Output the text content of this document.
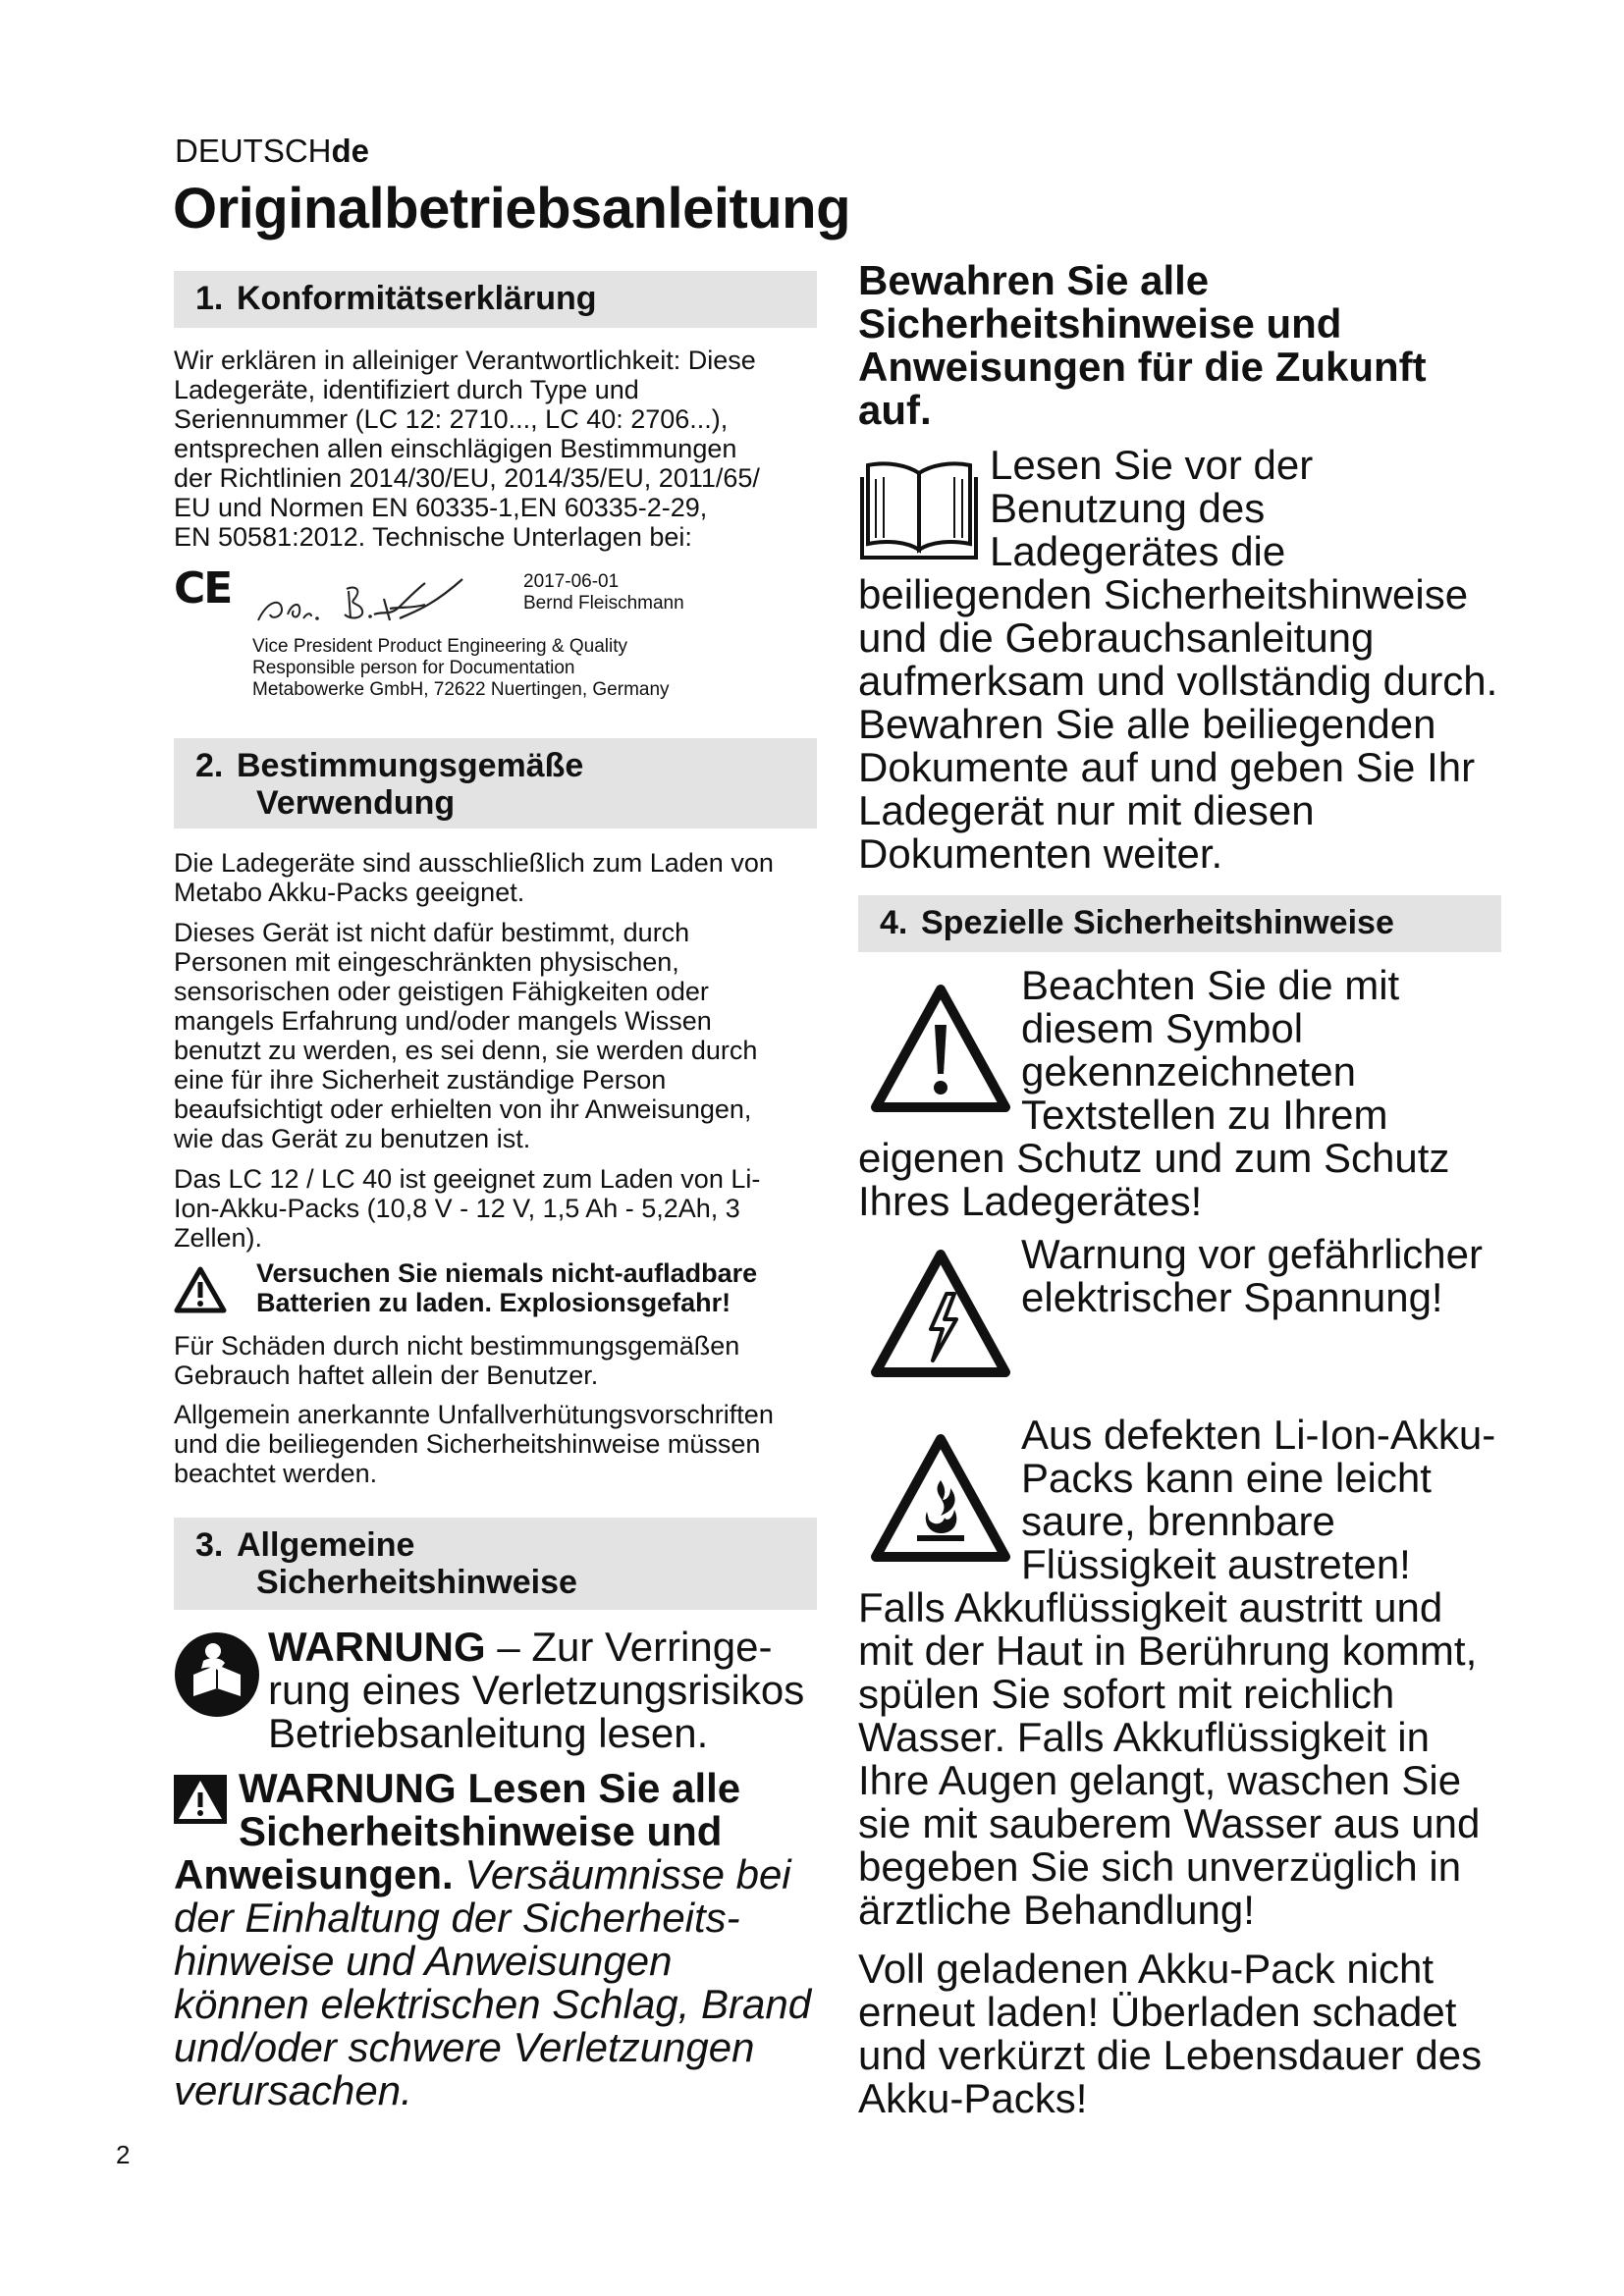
DEUTSCHde
Originalbetriebsanleitung
1. Konformitätserklärung
Wir erklären in alleiniger Verantwortlichkeit: Diese
Ladegeräte, identifiziert durch Type und
Seriennummer (LC 12: 2710..., LC 40: 2706...),
entsprechen allen einschlägigen Bestimmungen
der Richtlinien 2014/30/EU, 2014/35/EU, 2011/65/
EU und Normen EN 60335-1,EN 60335-2-29,
EN 50581:2012. Technische Unterlagen bei:
CE	2017-06-01
Bernd Fleischmann
Vice President Product Engineering & Quality
Responsible person for Documentation
Metabowerke GmbH, 72622 Nuertingen, Germany
2. Bestimmungsgemäße
Verwendung
Die Ladegeräte sind ausschließlich zum Laden von
Metabo Akku-Packs geeignet.
Dieses Gerät ist nicht dafür bestimmt, durch
Personen mit eingeschränkten physischen,
sensorischen oder geistigen Fähigkeiten oder
mangels Erfahrung und/oder mangels Wissen
benutzt zu werden, es sei denn, sie werden durch
eine für ihre Sicherheit zuständige Person
beaufsichtigt oder erhielten von ihr Anweisungen,
wie das Gerät zu benutzen ist.
Das LC 12 / LC 40 ist geeignet zum Laden von Li-
Ion-Akku-Packs (10,8 V - 12 V, 1,5 Ah - 5,2Ah, 3
Zellen).
Versuchen Sie niemals nicht-aufladbare
Batterien zu laden. Explosionsgefahr!
Für Schäden durch nicht bestimmungsgemäßen
Gebrauch haftet allein der Benutzer.
Allgemein anerkannte Unfallverhütungsvorschriften
und die beiliegenden Sicherheitshinweise müssen
beachtet werden.
3. Allgemeine
Sicherheitshinweise
WARNUNG – Zur Verringe-
rung eines Verletzungsrisikos
Betriebsanleitung lesen.
WARNUNG Lesen Sie alle
Sicherheitshinweise und
Anweisungen. Versäumnisse bei
der Einhaltung der Sicherheits-
hinweise und Anweisungen
können elektrischen Schlag, Brand
und/oder schwere Verletzungen
verursachen.
Bewahren Sie alle
Sicherheitshinweise und
Anweisungen für die Zukunft
auf.
Lesen Sie vor der
Benutzung des
Ladegerätes die
beiliegenden Sicherheitshinweise
und die Gebrauchsanleitung
aufmerksam und vollständig durch.
Bewahren Sie alle beiliegenden
Dokumente auf und geben Sie Ihr
Ladegerät nur mit diesen
Dokumenten weiter.
4. Spezielle Sicherheitshinweise
Beachten Sie die mit
diesem Symbol
gekennzeichneten
Textstellen zu Ihrem
eigenen Schutz und zum Schutz
Ihres Ladegerätes!
Warnung vor gefährlicher
elektrischer Spannung!
Aus defekten Li-Ion-Akku-
Packs kann eine leicht
saure, brennbare
Flüssigkeit austreten!
Falls Akkuflüssigkeit austritt und
mit der Haut in Berührung kommt,
spülen Sie sofort mit reichlich
Wasser. Falls Akkuflüssigkeit in
Ihre Augen gelangt, waschen Sie
sie mit sauberem Wasser aus und
begeben Sie sich unverzüglich in
ärztliche Behandlung!
Voll geladenen Akku-Pack nicht
erneut laden! Überladen schadet
und verkürzt die Lebensdauer des
Akku-Packs!
2
